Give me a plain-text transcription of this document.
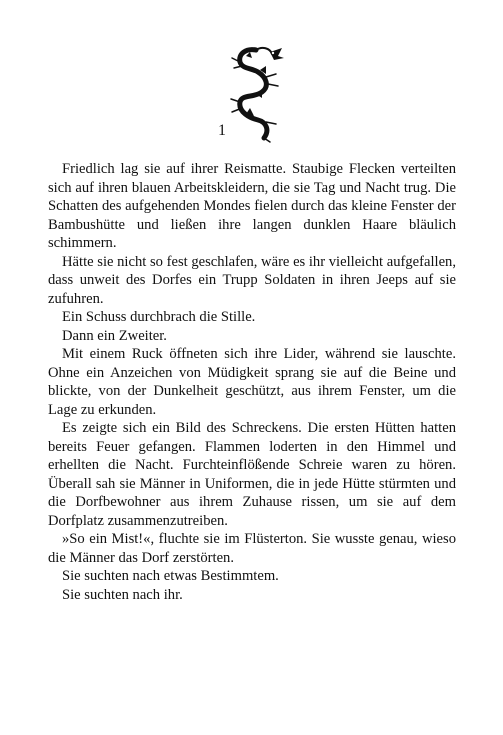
1

Friedlich lag sie auf ihrer Reismatte. Staubige Flecken verteilten sich auf ihren blauen Arbeitskleidern, die sie Tag und Nacht trug. Die Schatten des aufgehenden Mondes fielen durch das kleine Fenster der Bambushütte und ließen ihre langen dunklen Haare bläulich schimmern.

Hätte sie nicht so fest geschlafen, wäre es ihr vielleicht aufgefallen, dass unweit des Dorfes ein Trupp Soldaten in ihren Jeeps auf sie zufuhren.

Ein Schuss durchbrach die Stille.

Dann ein Zweiter.

Mit einem Ruck öffneten sich ihre Lider, während sie lauschte. Ohne ein Anzeichen von Müdigkeit sprang sie auf die Beine und blickte, von der Dunkelheit geschützt, aus ihrem Fenster, um die Lage zu erkunden.

Es zeigte sich ein Bild des Schreckens. Die ersten Hütten hatten bereits Feuer gefangen. Flammen loderten in den Himmel und erhellten die Nacht. Furchteinflößende Schreie waren zu hören. Überall sah sie Männer in Uniformen, die in jede Hütte stürmten und die Dorfbewohner aus ihrem Zuhause rissen, um sie auf dem Dorfplatz zusammenzutreiben.

»So ein Mist!«, fluchte sie im Flüsterton. Sie wusste genau, wieso die Männer das Dorf zerstörten.

Sie suchten nach etwas Bestimmtem.

Sie suchten nach ihr.
